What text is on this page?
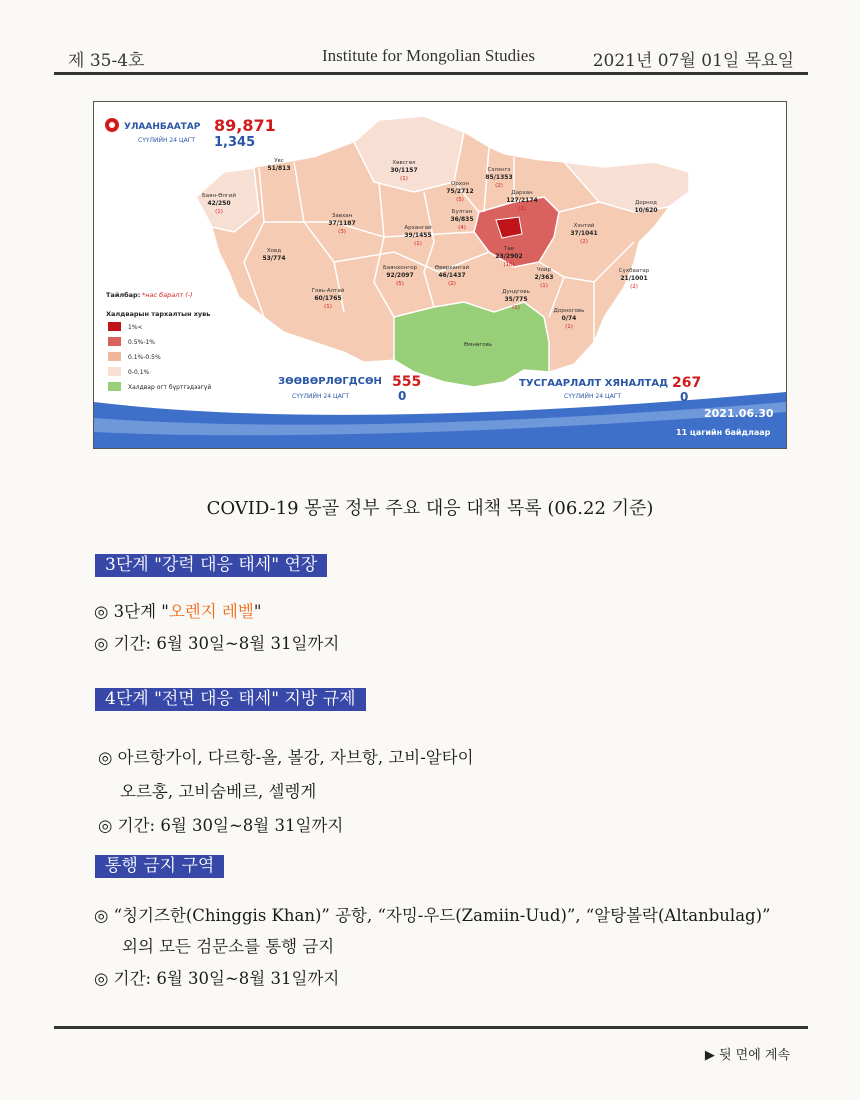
제 35-4호	Institute for Mongolian Studies	2021년 07월 01일 목요일
УЛААНБААТАР 89,871
СҮҮЛИЙН 24 ЦАГТ 1,345
Увс
51/813
Хөвсгөл
30/1157
(1)
Сэлэнгэ
85/1353
(2)
Орхон
75/2712
(5)
Дархан
127/2174
(2)
Баян-Өлгий
42/250
(1)	Булган
36/835
(4)
Дорнод
10/620
Завхан
37/1187
(3)
Архангай
39/1455
(1)
Хэнтий
37/1041
(2)
Төв
23/2902
(10)
Ховд
53/774
Баянхонгор
92/2097
(5)
Өвөрхангай
46/1437
(2)
Чойр
2/363
(1)
Сүхбаатар
21/1001
(2)
Говь-Алтай
60/1765
(1)
Дундговь
35/775
(1)	Дорноговь
0/74
(1)
Өмнөговь
Тайлбар: *нас баралт (-)
Халдварын тархалтын хувь
1%<
0.5%-1%
0.1%-0.5%
0-0.1%
Халдвар огт бүртгэдээгүй
ЗӨӨВӨРЛӨГДСӨН 555
СҮҮЛИЙН 24 ЦАГТ	0
ТУСГААРЛАЛТ ХЯНАЛТАД 267
СҮҮЛИЙН 24 ЦАГТ	0
2021.06.30
11 цагийн байдлаар
COVID-19 몽골 정부 주요 대응 대책 목록 (06.22 기준)
3단계 "강력 대응 태세" 연장
◎ 3단계 "오렌지 레벨"
◎ 기간: 6월 30일~8월 31일까지
4단계 "전면 대응 태세" 지방 규제
◎ 아르항가이, 다르항-올, 볼강, 자브항, 고비-알타이
오르홍, 고비숨베르, 셀렝게
◎ 기간: 6월 30일~8월 31일까지
통행 금지 구역
◎ “칭기즈한(Chinggis Khan)” 공항, “자밍-우드(Zamiin-Uud)”, “알탕볼락(Altanbulag)”
외의 모든 검문소를 통행 금지
◎ 기간: 6월 30일~8월 31일까지
▶ 뒷 면에 계속
